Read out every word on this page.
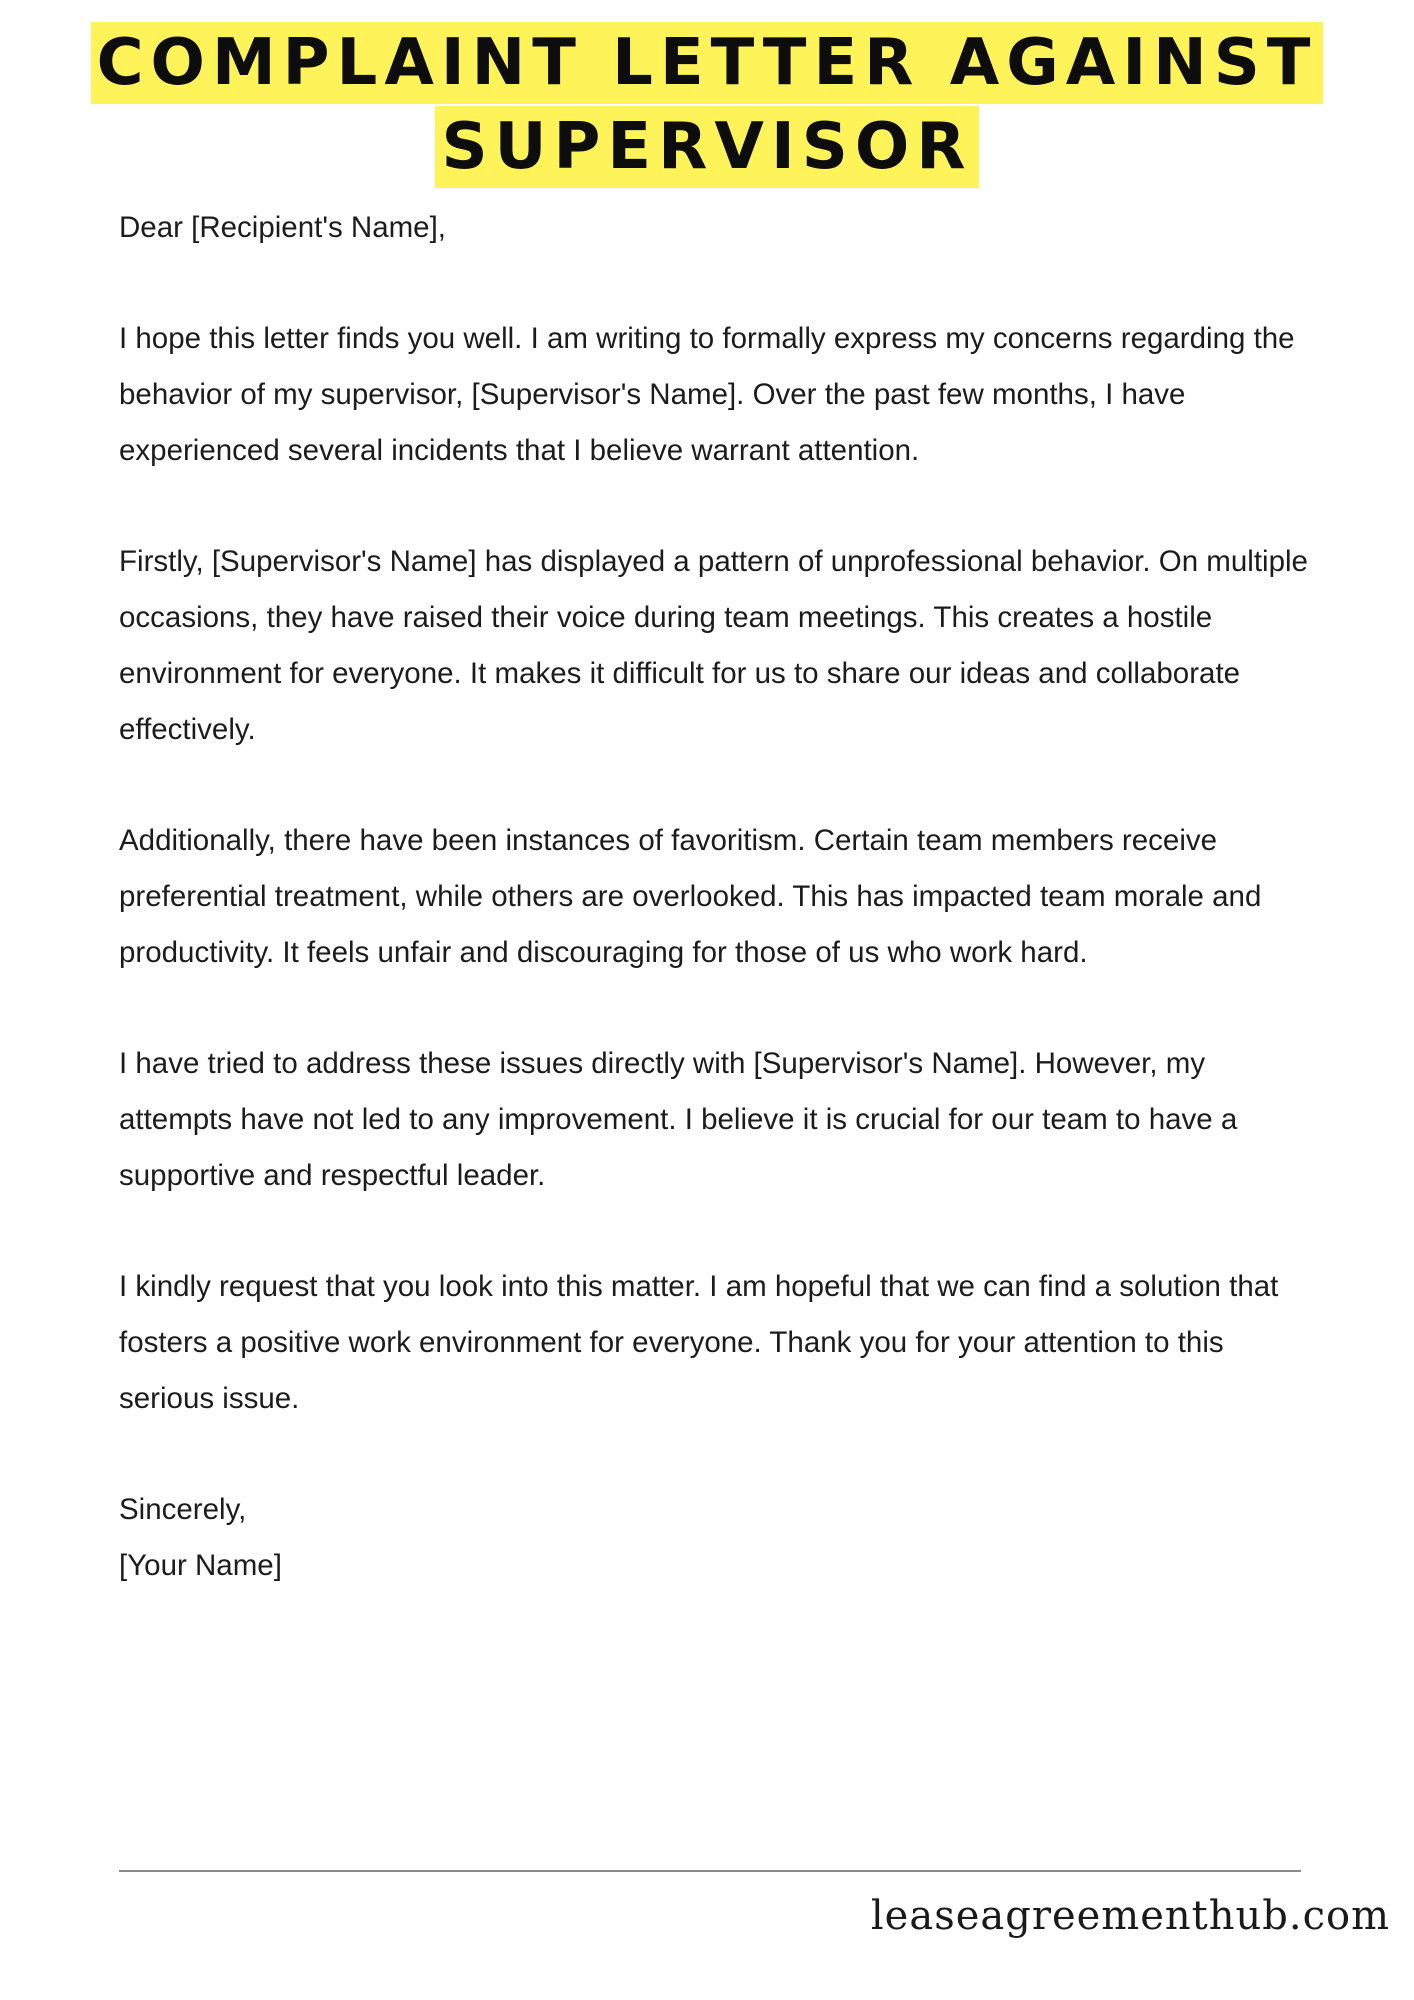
COMPLAINT LETTER AGAINST
SUPERVISOR

Dear [Recipient's Name],

I hope this letter finds you well. I am writing to formally express my concerns regarding the behavior of my supervisor, [Supervisor's Name]. Over the past few months, I have experienced several incidents that I believe warrant attention.

Firstly, [Supervisor's Name] has displayed a pattern of unprofessional behavior. On multiple occasions, they have raised their voice during team meetings. This creates a hostile environment for everyone. It makes it difficult for us to share our ideas and collaborate effectively.

Additionally, there have been instances of favoritism. Certain team members receive preferential treatment, while others are overlooked. This has impacted team morale and productivity. It feels unfair and discouraging for those of us who work hard.

I have tried to address these issues directly with [Supervisor's Name]. However, my attempts have not led to any improvement. I believe it is crucial for our team to have a supportive and respectful leader.

I kindly request that you look into this matter. I am hopeful that we can find a solution that fosters a positive work environment for everyone. Thank you for your attention to this serious issue.

Sincerely,
[Your Name]
leaseagreementhub.com
